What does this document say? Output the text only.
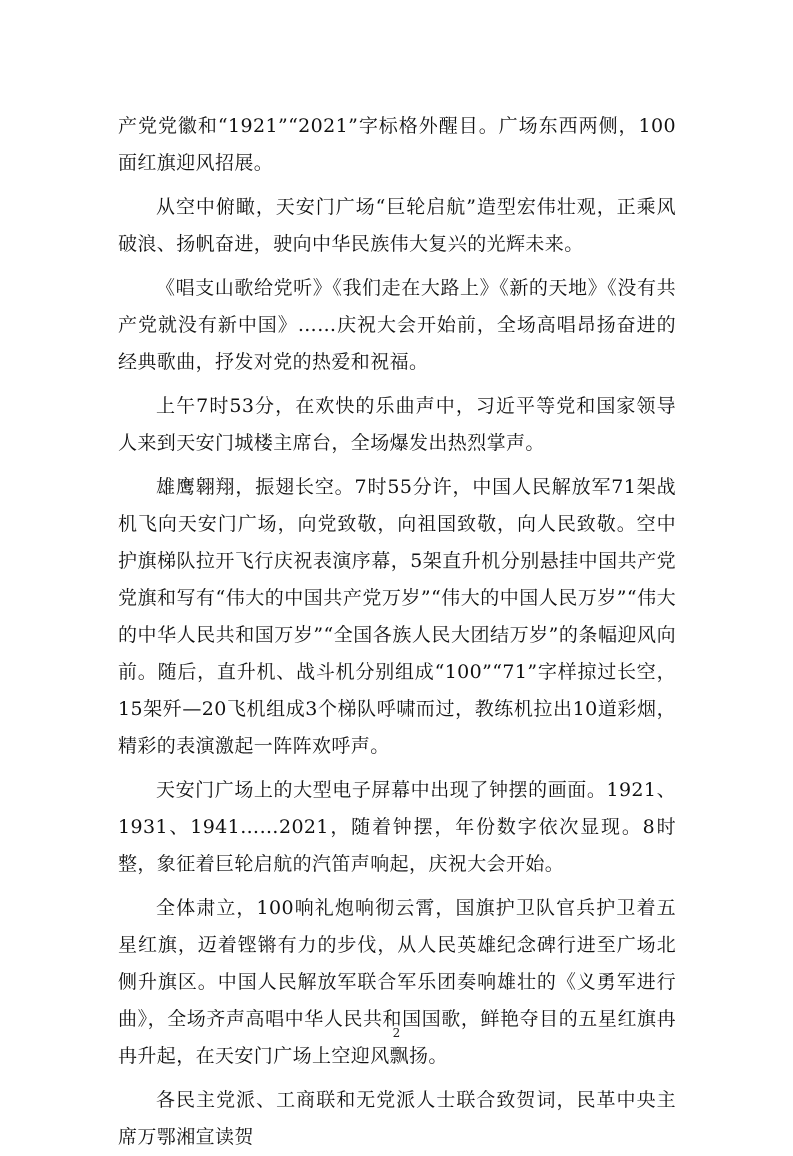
产党党徽和“1921”“2021”字标格外醒目。广场东西两侧，100面红旗迎风招展。

从空中俯瞰，天安门广场“巨轮启航”造型宏伟壮观，正乘风破浪、扬帆奋进，驶向中华民族伟大复兴的光辉未来。

《唱支山歌给党听》《我们走在大路上》《新的天地》《没有共产党就没有新中国》……庆祝大会开始前，全场高唱昂扬奋进的经典歌曲，抒发对党的热爱和祝福。

上午7时53分，在欢快的乐曲声中，习近平等党和国家领导人来到天安门城楼主席台，全场爆发出热烈掌声。

雄鹰翱翔，振翅长空。7时55分许，中国人民解放军71架战机飞向天安门广场，向党致敬，向祖国致敬，向人民致敬。空中护旗梯队拉开飞行庆祝表演序幕，5架直升机分别悬挂中国共产党党旗和写有“伟大的中国共产党万岁”“伟大的中国人民万岁”“伟大的中华人民共和国万岁”“全国各族人民大团结万岁”的条幅迎风向前。随后，直升机、战斗机分别组成“100”“71”字样掠过长空，15架歼—20飞机组成3个梯队呼啸而过，教练机拉出10道彩烟，精彩的表演激起一阵阵欢呼声。

天安门广场上的大型电子屏幕中出现了钟摆的画面。1921、1931、1941……2021，随着钟摆，年份数字依次显现。8时整，象征着巨轮启航的汽笛声响起，庆祝大会开始。

全体肃立，100响礼炮响彻云霄，国旗护卫队官兵护卫着五星红旗，迈着铿锵有力的步伐，从人民英雄纪念碑行进至广场北侧升旗区。中国人民解放军联合军乐团奏响雄壮的《义勇军进行曲》，全场齐声高唱中华人民共和国国歌，鲜艳夺目的五星红旗冉冉升起，在天安门广场上空迎风飘扬。

各民主党派、工商联和无党派人士联合致贺词，民革中央主席万鄂湘宣读贺

2
